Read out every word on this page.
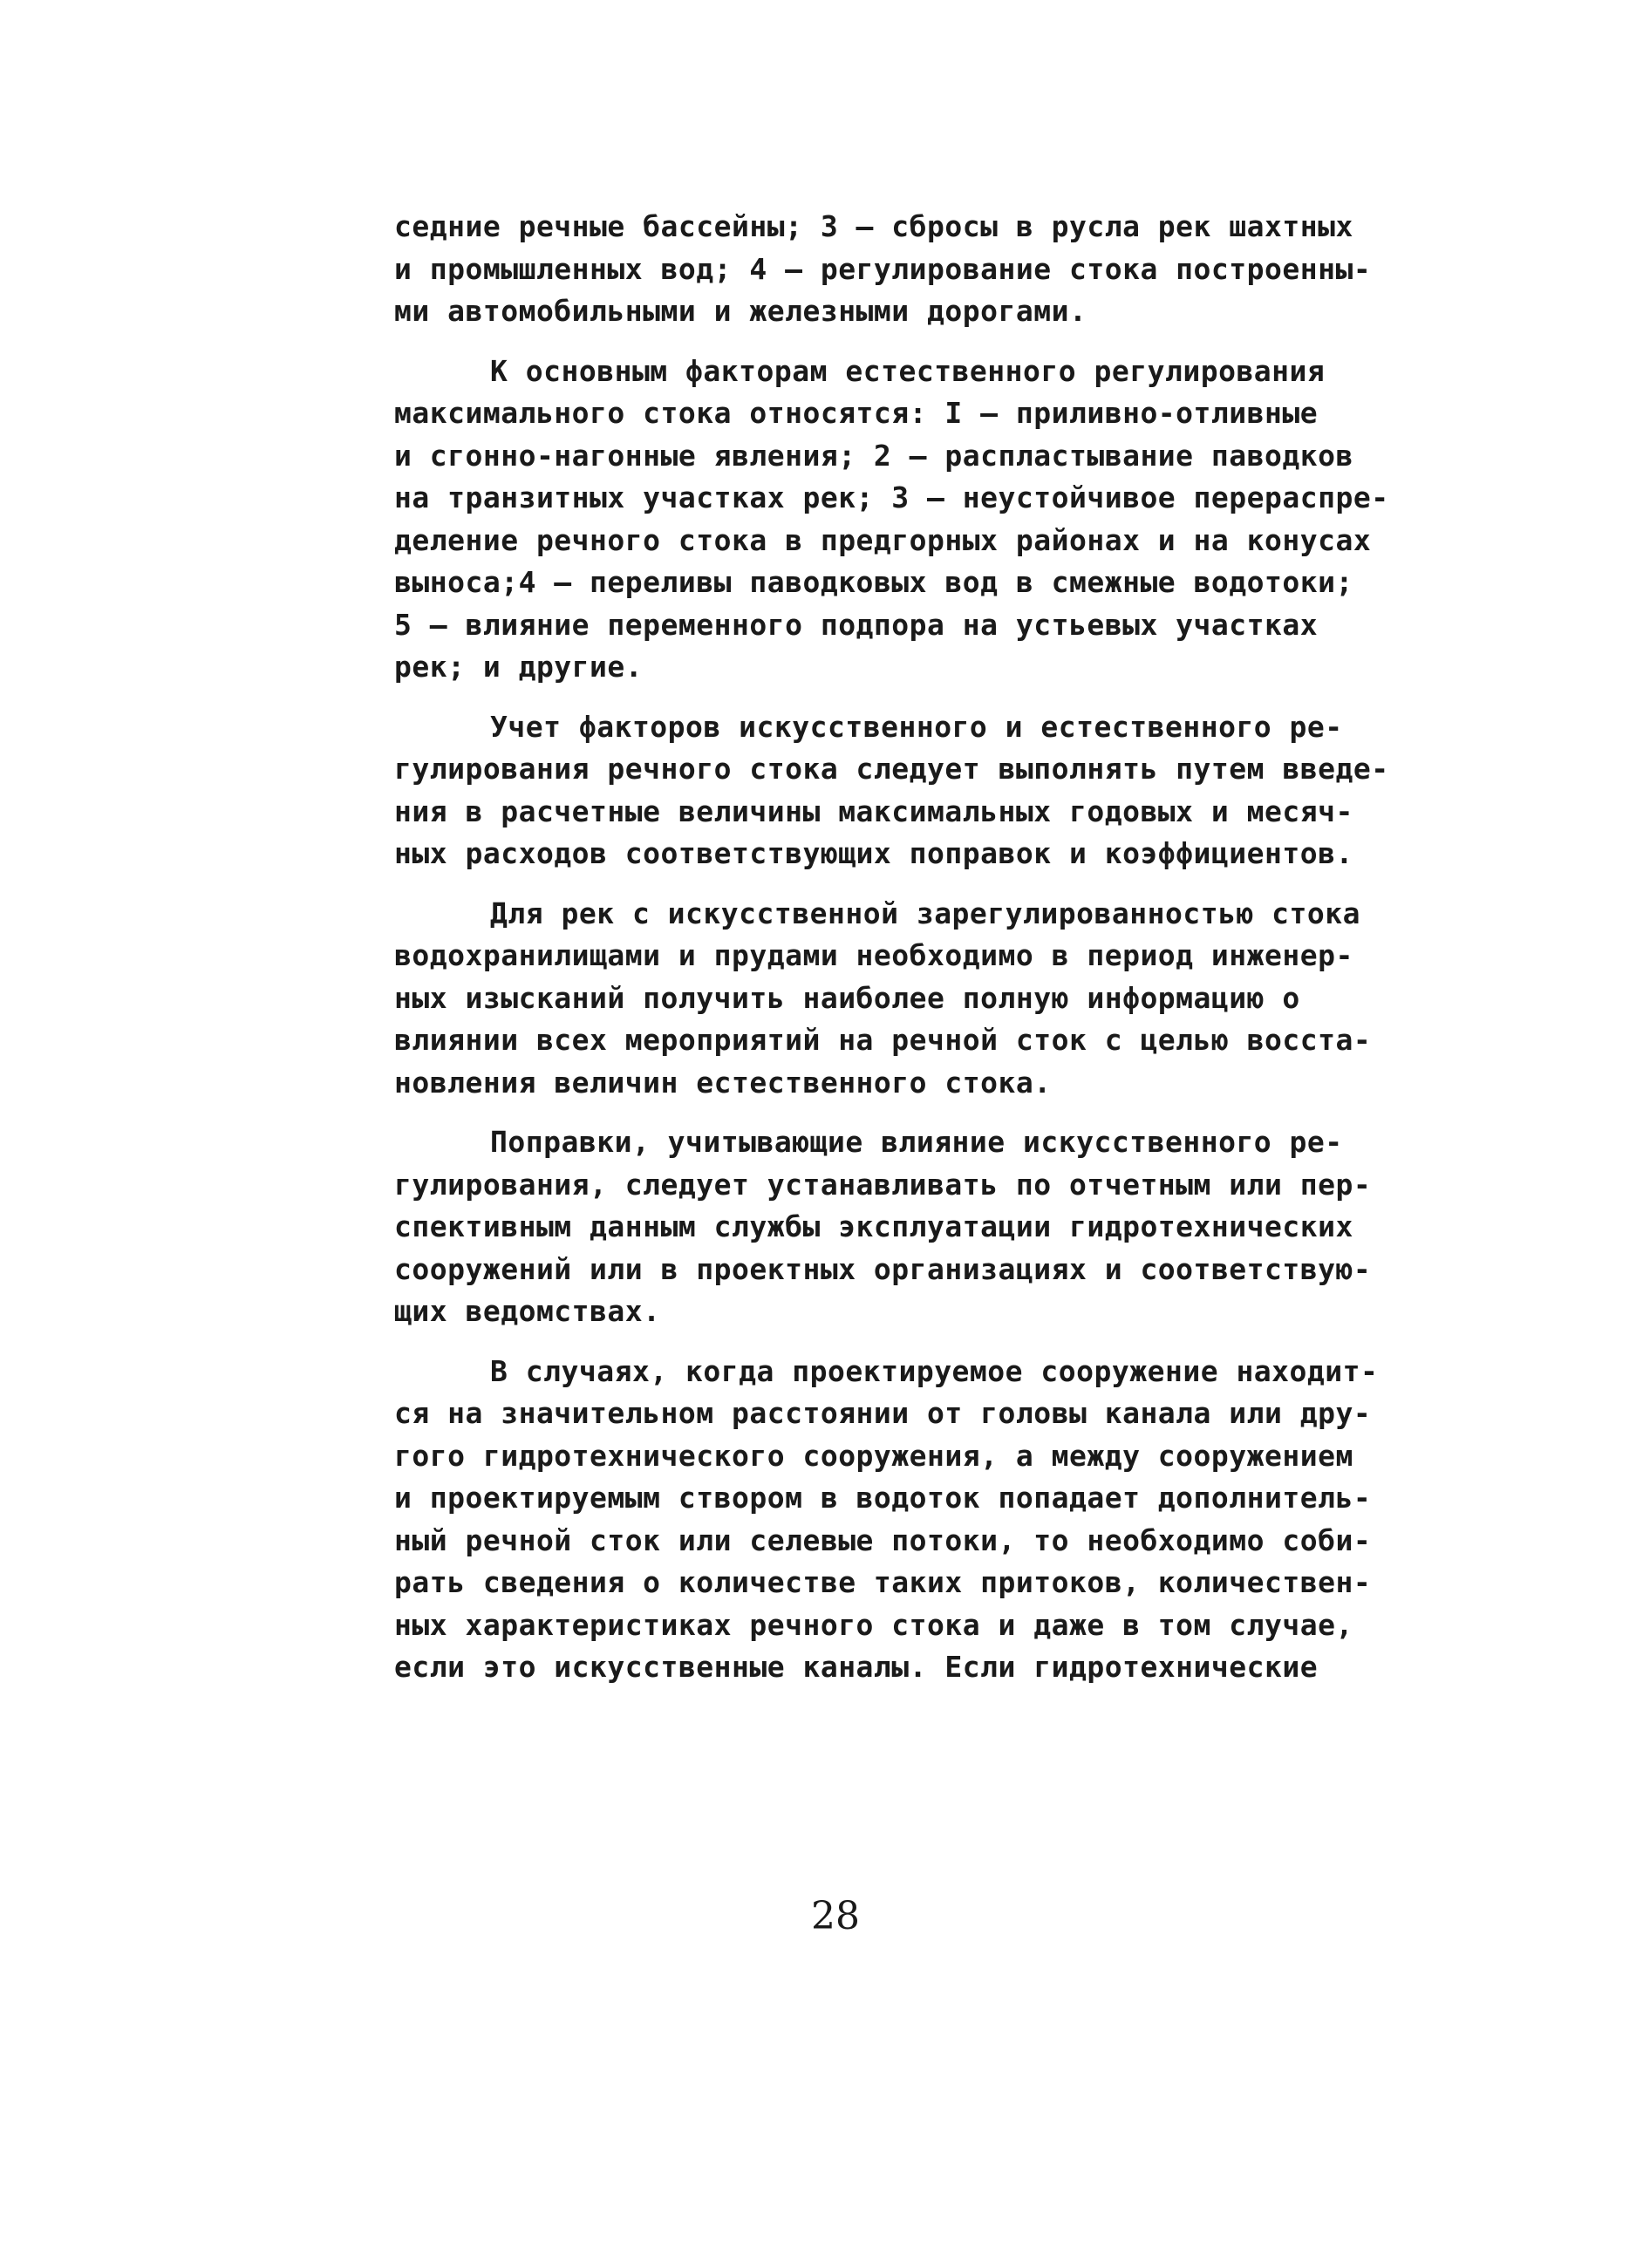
седние речные бассейны; 3 – сбросы в русла рек шахтных
и промышленных вод; 4 – регулирование стока построенны-
ми автомобильными и железными дорогами.

К основным факторам естественного регулирования
максимального стока относятся: I – приливно-отливные
и сгонно-нагонные явления; 2 – распластывание паводков
на транзитных участках рек; 3 – неустойчивое перераспре-
деление речного стока в предгорных районах и на конусах
выноса;4 – переливы паводковых вод в смежные водотоки;
5 – влияние переменного подпора на устьевых участках
рек; и другие.

Учет факторов искусственного и естественного ре-
гулирования речного стока следует выполнять путем введе-
ния в расчетные величины максимальных годовых и месяч-
ных расходов соответствующих поправок и коэффициентов.

Для рек с искусственной зарегулированностью стока
водохранилищами и прудами необходимо в период инженер-
ных изысканий получить наиболее полную информацию о
влиянии всех мероприятий на речной сток с целью восста-
новления величин естественного стока.

Поправки, учитывающие влияние искусственного ре-
гулирования, следует устанавливать по отчетным или пер-
спективным данным службы эксплуатации гидротехнических
сооружений или в проектных организациях и соответствую-
щих ведомствах.

В случаях, когда проектируемое сооружение находит-
ся на значительном расстоянии от головы канала или дру-
гого гидротехнического сооружения, а между сооружением
и проектируемым створом в водоток попадает дополнитель-
ный речной сток или селевые потоки, то необходимо соби-
рать сведения о количестве таких притоков, количествен-
ных характеристиках речного стока и даже в том случае,
если это искусственные каналы. Если гидротехнические

28
